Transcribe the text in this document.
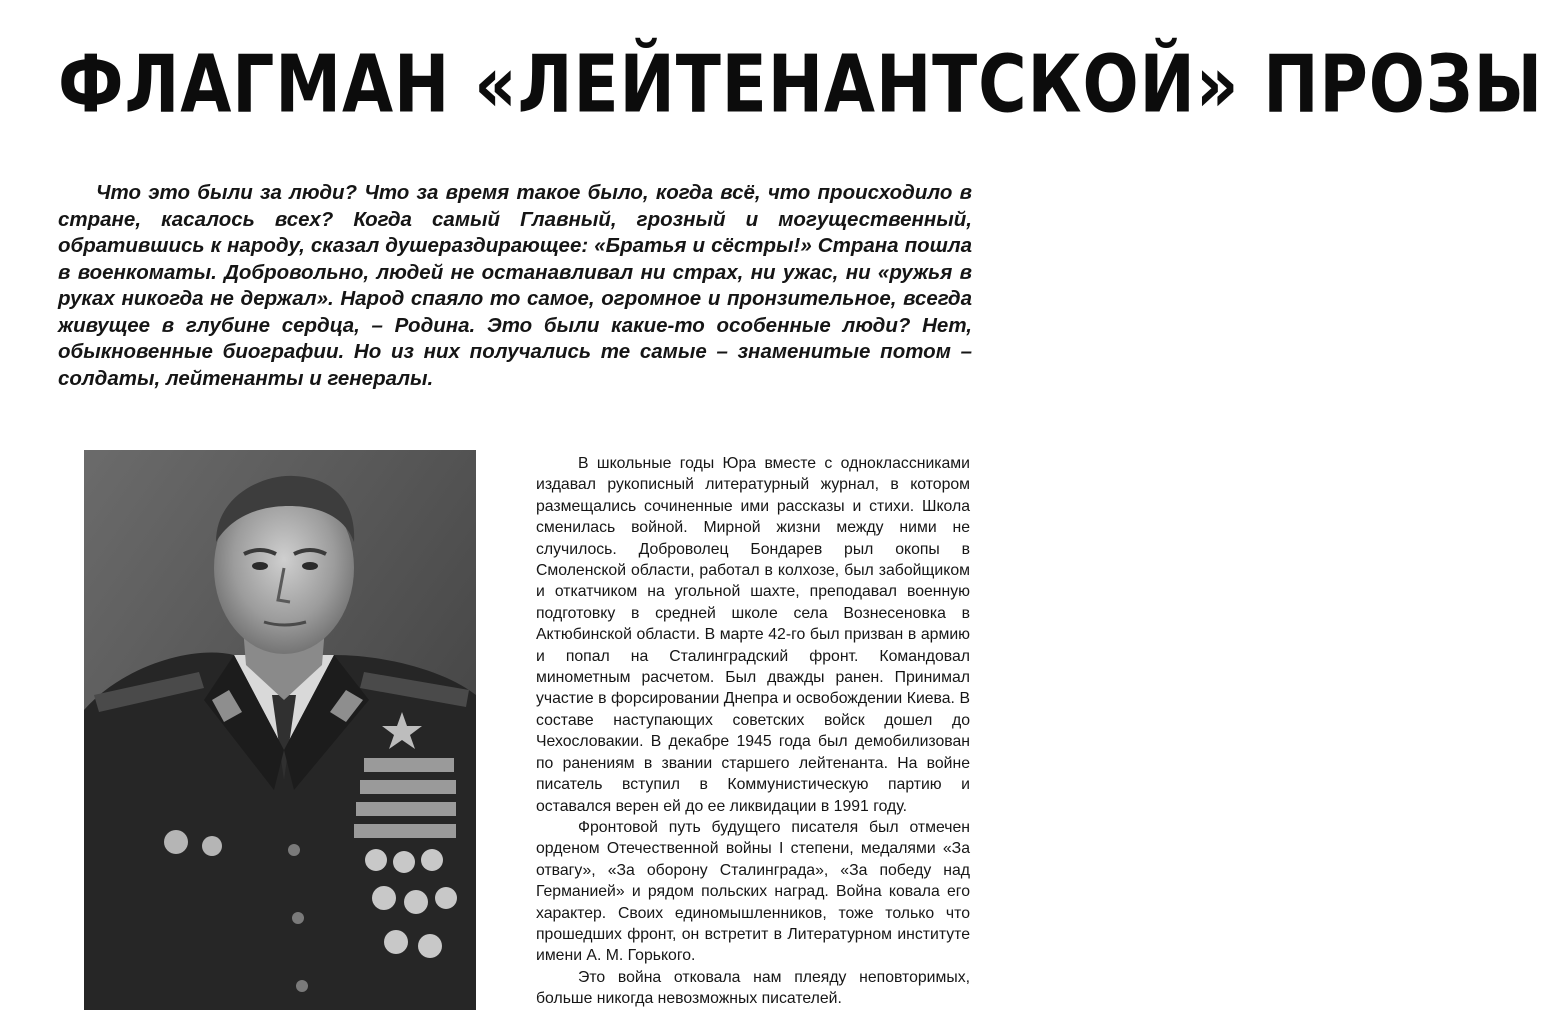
ФЛАГМАН «ЛЕЙТЕНАНТСКОЙ» ПРОЗЫ

Что это были за люди? Что за время такое было, когда всё, что происходило в стране, касалось всех? Когда самый Главный, грозный и могущественный, обратившись к народу, сказал душераздирающее: «Братья и сёстры!» Страна пошла в военкоматы. Добровольно, людей не останавливал ни страх, ни ужас, ни «ружья в руках никогда не держал». Народ спаяло то самое, огромное и пронзительное, всегда живущее в глубине сердца, – Родина. Это были какие-то особенные люди? Нет, обыкновенные биографии. Но из них получались те самые – знаменитые потом – солдаты, лейтенанты и генералы.

В школьные годы Юра вместе с одноклассниками издавал рукописный литературный журнал, в котором размещались сочиненные ими рассказы и стихи. Школа сменилась войной. Мирной жизни между ними не случилось. Доброволец Бондарев рыл окопы в Смоленской области, работал в колхозе, был забойщиком и откатчиком на угольной шахте, преподавал военную подготовку в средней школе села Вознесеновка в Актюбинской области. В марте 42-го был призван в армию и попал на Сталинградский фронт. Командовал минометным расчетом. Был дважды ранен. Принимал участие в форсировании Днепра и освобождении Киева. В составе наступающих советских войск дошел до Чехословакии. В декабре 1945 года был демобилизован по ранениям в звании старшего лейтенанта. На войне писатель вступил в Коммунистическую партию и оставался верен ей до ее ликвидации в 1991 году.

Фронтовой путь будущего писателя был отмечен орденом Отечественной войны I степени, медалями «За отвагу», «За оборону Сталинграда», «За победу над Германией» и рядом польских наград. Война ковала его характер. Своих единомышленников, тоже только что прошедших фронт, он встретит в Литературном институте имени А. М. Горького.

Это война отковала нам плеяду неповторимых, больше никогда невозможных писателей.
